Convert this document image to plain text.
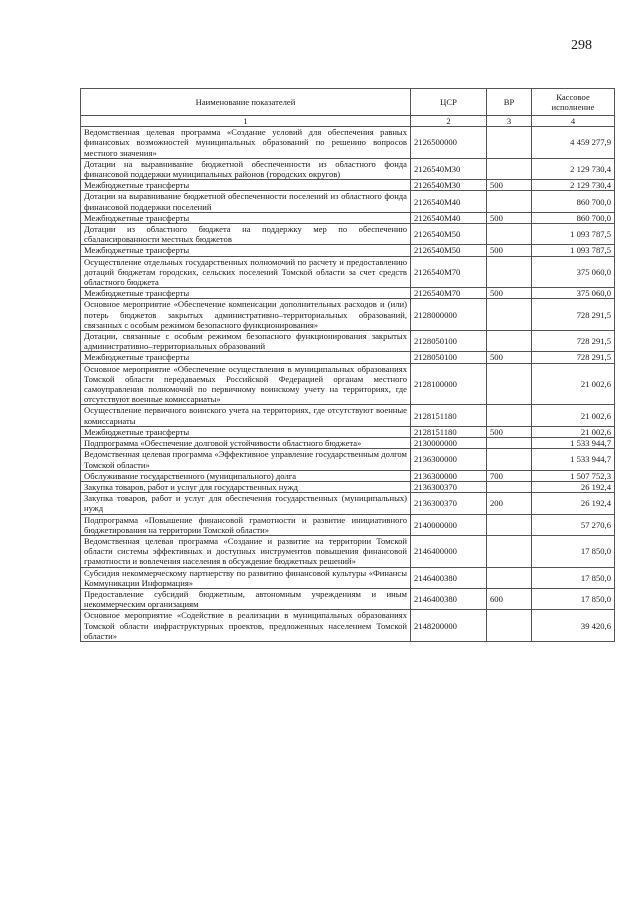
298
Наименование показателей	ЦСР	ВР	Кассовое исполнение
1	2	3	4
Ведомственная целевая программа «Создание условий для обеспечения равных финансовых возможностей муниципальных образований по решению вопросов местного значения»	2126500000		4 459 277,9
Дотации на выравнивание бюджетной обеспеченности из областного фонда финансовой поддержки муниципальных районов (городских округов)	2126540М30		2 129 730,4
Межбюджетные трансферты	2126540М30	500	2 129 730,4
Дотации на выравнивание бюджетной обеспеченности поселений из областного фонда финансовой поддержки поселений	2126540М40		860 700,0
Межбюджетные трансферты	2126540М40	500	860 700,0
Дотации из областного бюджета на поддержку мер по обеспечению сбалансированности местных бюджетов	2126540М50		1 093 787,5
Межбюджетные трансферты	2126540М50	500	1 093 787,5
Осуществление отдельных государственных полномочий по расчету и предоставлению дотаций бюджетам городских, сельских поселений Томской области за счет средств областного бюджета	2126540М70		375 060,0
Межбюджетные трансферты	2126540М70	500	375 060,0
Основное мероприятие «Обеспечение компенсации дополнительных расходов и (или) потерь бюджетов закрытых административно–территориальных образований, связанных с особым режимом безопасного функционирования»	2128000000		728 291,5
Дотации, связанные с особым режимом безопасного функционирования закрытых административно–территориальных образований	2128050100		728 291,5
Межбюджетные трансферты	2128050100	500	728 291,5
Основное мероприятие «Обеспечение осуществления в муниципальных образованиях Томской области передаваемых Российской Федерацией органам местного самоуправления полномочий по первичному воинскому учету на территориях, где отсутствуют военные комиссариаты»	2128100000		21 002,6
Осуществление первичного воинского учета на территориях, где отсутствуют военные комиссариаты	2128151180		21 002,6
Межбюджетные трансферты	2128151180	500	21 002,6
Подпрограмма «Обеспечение долговой устойчивости областного бюджета»	2130000000		1 533 944,7
Ведомственная целевая программа «Эффективное управление государственным долгом Томской области»	2136300000		1 533 944,7
Обслуживание государственного (муниципального) долга	2136300000	700	1 507 752,3
Закупка товаров, работ и услуг для государственных нужд	2136300370		26 192,4
Закупка товаров, работ и услуг для обеспечения государственных (муниципальных) нужд	2136300370	200	26 192,4
Подпрограмма «Повышение финансовой грамотности и развитие инициативного бюджетирования на территории Томской области»	2140000000		57 270,6
Ведомственная целевая программа «Создание и развитие на территории Томской области системы эффективных и доступных инструментов повышения финансовой грамотности и вовлечения населения в обсуждение бюджетных решений»	2146400000		17 850,0
Субсидия некоммерческому партнерству по развитию финансовой культуры «Финансы Коммуникации Информация»	2146400380		17 850,0
Предоставление субсидий бюджетным, автономным учреждениям и иным некоммерческим организациям	2146400380	600	17 850,0
Основное мероприятие «Содействие в реализации в муниципальных образованиях Томской области инфраструктурных проектов, предложенных населением Томской области»	2148200000		39 420,6
